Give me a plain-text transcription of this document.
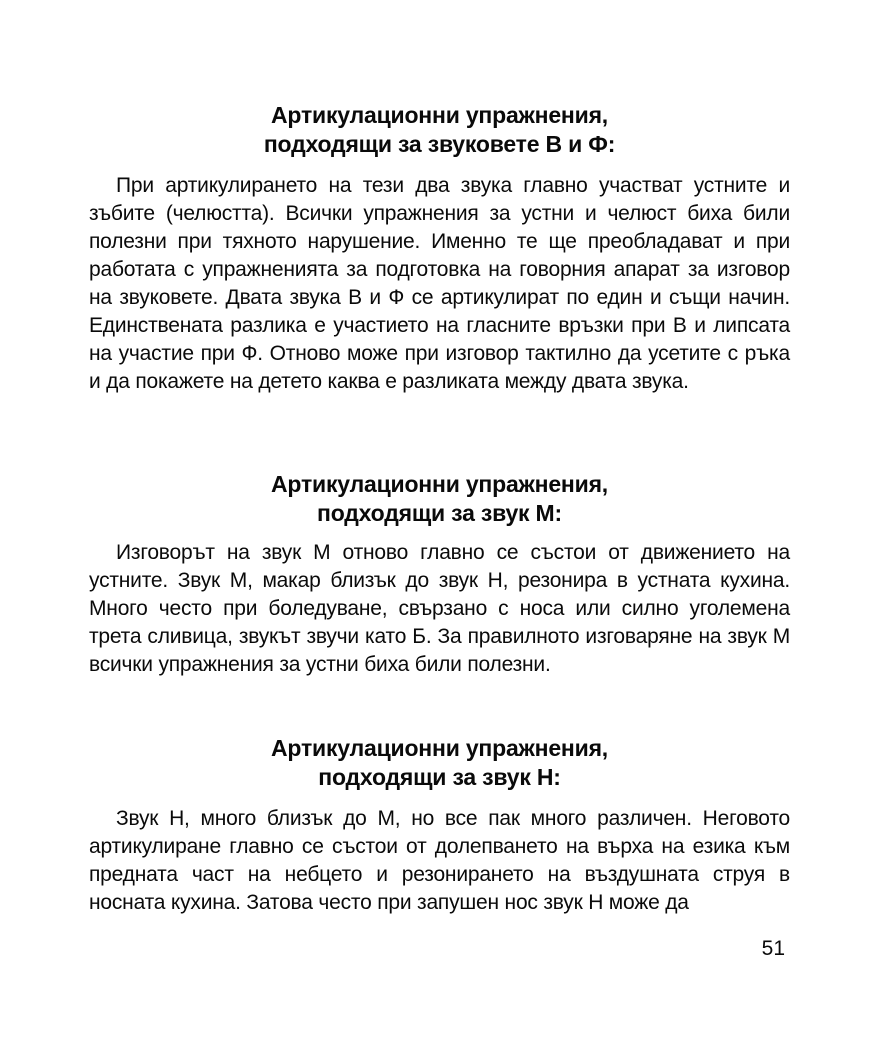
Артикулационни упражнения,
подходящи за звуковете В и Ф:

При артикулирането на тези два звука главно участват устните и зъбите (челюстта). Всички упражнения за устни и челюст биха били полезни при тяхното нарушение. Именно те ще преобладават и при работата с упражненията за подготовка на говорния апарат за изговор на звуковете. Двата звука В и Ф се артикулират по един и същи начин. Единствената разлика е участието на гласните връзки при В и липсата на участие при Ф. Отново може при изговор тактилно да усетите с ръка и да покажете на детето каква е разликата между двата звука.

Артикулационни упражнения,
подходящи за звук М:

Изговорът на звук М отново главно се състои от движението на устните. Звук М, макар близък до звук Н, резонира в устната кухина. Много често при боледуване, свързано с носа или силно уголемена трета сливица, звукът звучи като Б. За правилното изговаряне на звук М всички упражнения за устни биха били полезни.

Артикулационни упражнения,
подходящи за звук Н:

Звук Н, много близък до М, но все пак много различен. Неговото артикулиране главно се състои от долепването на върха на езика към предната част на небцето и резонирането на въздушната струя в носната кухина. Затова често при запушен нос звук Н може да

51
